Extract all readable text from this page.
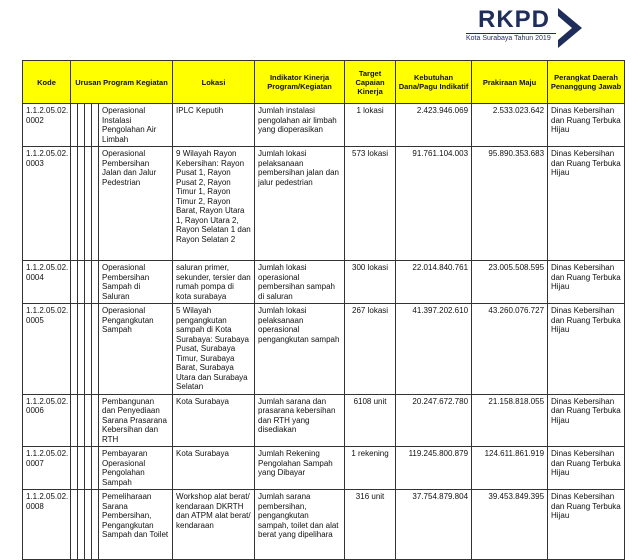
RKPD
Kota Surabaya Tahun 2019
Kode	Urusan Program Kegiatan					Lokasi	Indikator Kinerja Program/Kegiatan	Target Capaian Kinerja	Kebutuhan Dana/Pagu Indikatif	Prakiraan Maju	Perangkat Daerah Penanggung Jawab
1.1.2.05.02. 0002					Operasional Instalasi Pengolahan Air Limbah	IPLC Keputih	Jumlah instalasi pengolahan air limbah yang dioperasikan	1 lokasi	2.423.946.069	2.533.023.642	Dinas Kebersihan dan Ruang Terbuka Hijau
1.1.2.05.02. 0003					Operasional Pembersihan Jalan dan Jalur Pedestrian	9 Wilayah Rayon Kebersihan: Rayon Pusat 1, Rayon Pusat 2, Rayon Timur 1, Rayon Timur 2, Rayon Barat, Rayon Utara 1, Rayon Utara 2, Rayon Selatan 1 dan Rayon Selatan 2	Jumlah lokasi pelaksanaan pembersihan jalan dan jalur pedestrian	573 lokasi	91.761.104.003	95.890.353.683	Dinas Kebersihan dan Ruang Terbuka Hijau
1.1.2.05.02. 0004					Operasional Pembersihan Sampah di Saluran	saluran primer, sekunder, tersier dan rumah pompa di kota surabaya	Jumlah lokasi operasional pembersihan sampah di saluran	300 lokasi	22.014.840.761	23.005.508.595	Dinas Kebersihan dan Ruang Terbuka Hijau
1.1.2.05.02. 0005					Operasional Pengangkutan Sampah	5 Wilayah pengangkutan sampah di Kota Surabaya: Surabaya Pusat, Surabaya Timur, Surabaya Barat, Surabaya Utara dan Surabaya Selatan	Jumlah lokasi pelaksanaan operasional pengangkutan sampah	267 lokasi	41.397.202.610	43.260.076.727	Dinas Kebersihan dan Ruang Terbuka Hijau
1.1.2.05.02. 0006					Pembangunan dan Penyediaan Sarana Prasarana Kebersihan dan RTH	Kota Surabaya	Jumlah sarana dan prasarana kebersihan dan RTH yang disediakan	6108 unit	20.247.672.780	21.158.818.055	Dinas Kebersihan dan Ruang Terbuka Hijau
1.1.2.05.02. 0007					Pembayaran Operasional Pengolahan Sampah	Kota Surabaya	Jumlah Rekening Pengolahan Sampah yang Dibayar	1 rekening	119.245.800.879	124.611.861.919	Dinas Kebersihan dan Ruang Terbuka Hijau
1.1.2.05.02. 0008					Pemeliharaan Sarana Pembersihan, Pengangkutan Sampah dan Toilet	Workshop alat berat/ kendaraan DKRTH dan ATPM alat berat/ kendaraan	Jumlah sarana pembersihan, pengangkutan sampah, toilet dan alat berat yang dipelihara	316 unit	37.754.879.804	39.453.849.395	Dinas Kebersihan dan Ruang Terbuka Hijau
